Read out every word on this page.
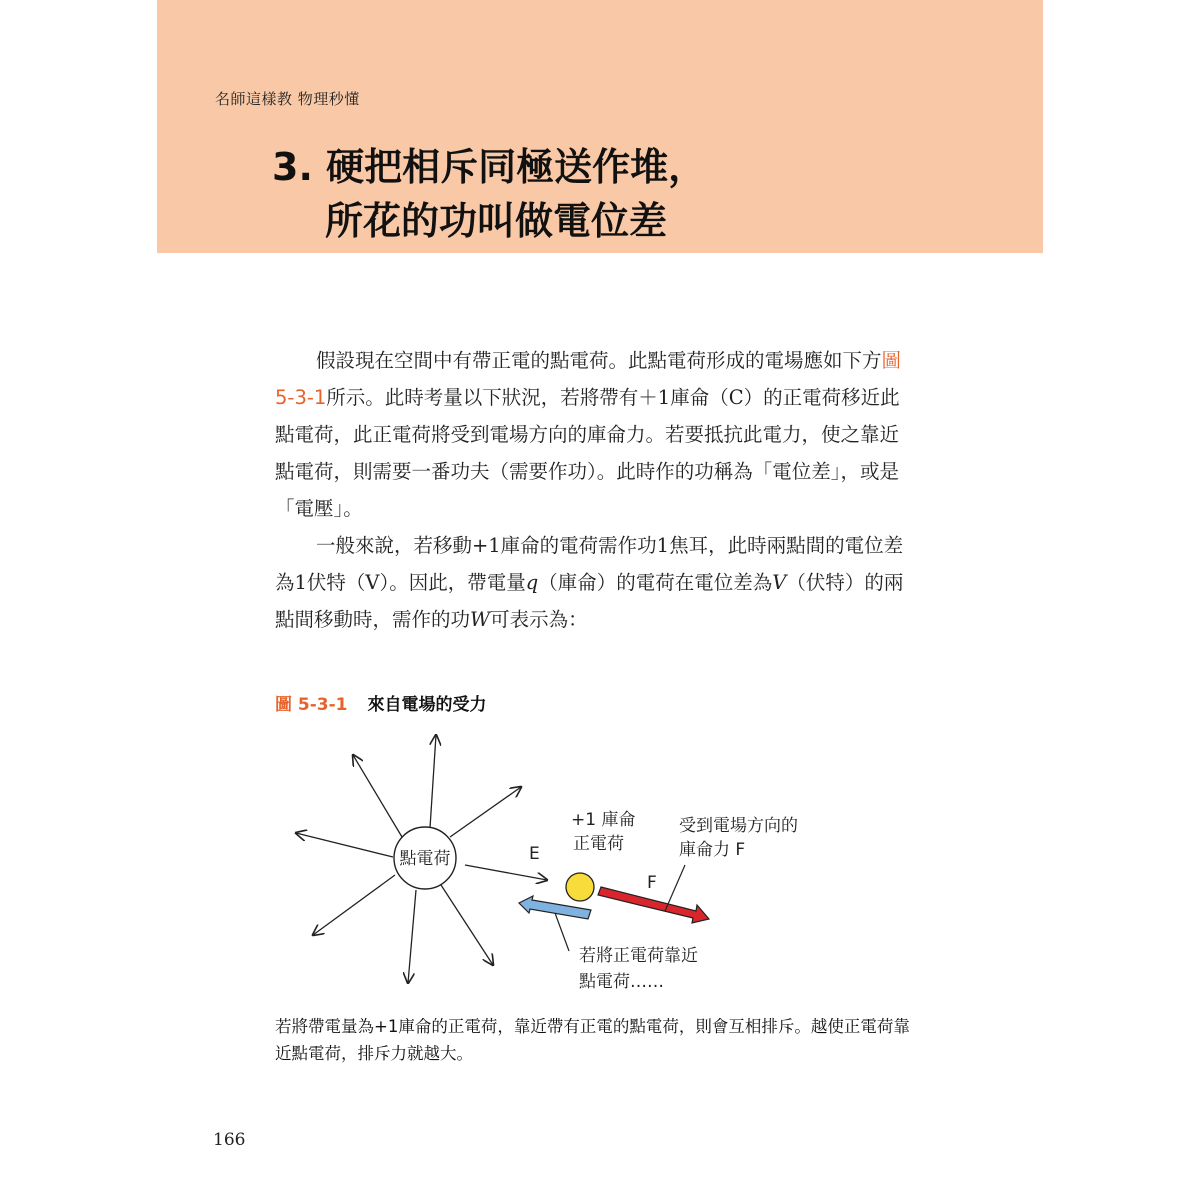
名師這樣教 物理秒懂
3. 硬把相斥同極送作堆，
所花的功叫做電位差

假設現在空間中有帶正電的點電荷。此點電荷形成的電場應如下方圖 5-3-1所示。此時考量以下狀況，若將帶有＋1庫侖（C）的正電荷移近此點電荷，此正電荷將受到電場方向的庫侖力。若要抵抗此電力，使之靠近點電荷，則需要一番功夫（需要作功）。此時作的功稱為「電位差」，或是「電壓」。

一般來說，若移動+1庫侖的電荷需作功1焦耳，此時兩點間的電位差為1伏特（V）。因此，帶電量q（庫侖）的電荷在電位差為V（伏特）的兩點間移動時，需作的功W可表示為：

圖 5-3-1 來自電場的受力
點電荷	E
F
+1 庫侖
正電荷
受到電場方向的
庫侖力 F
若將正電荷靠近
點電荷……
若將帶電量為+1庫侖的正電荷，靠近帶有正電的點電荷，則會互相排斥。越使正電荷靠近點電荷，排斥力就越大。
166
